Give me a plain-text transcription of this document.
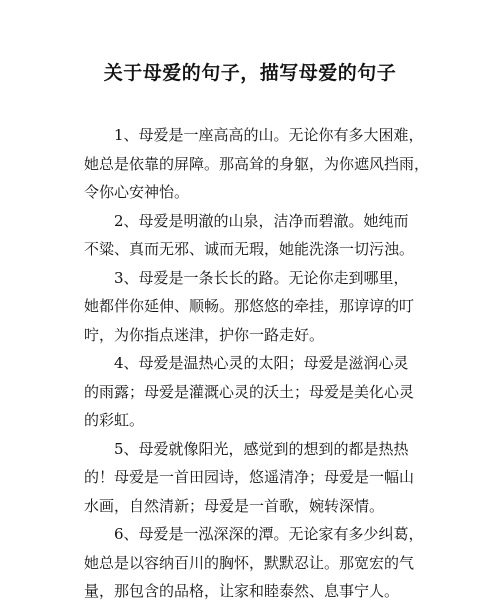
关于母爱的句子，描写母爱的句子
1、母爱是一座高高的山。无论你有多大困难，
她总是依靠的屏障。那高耸的身躯，为你遮风挡雨，
令你心安神怡。
2、母爱是明澈的山泉，洁净而碧澈。她纯而
不粱、真而无邪、诚而无瑕，她能洗涤一切污浊。
3、母爱是一条长长的路。无论你走到哪里，
她都伴你延伸、顺畅。那悠悠的牵挂，那谆谆的叮
咛，为你指点迷津，护你一路走好。
4、母爱是温热心灵的太阳；母爱是滋润心灵
的雨露；母爱是灌溉心灵的沃土；母爱是美化心灵
的彩虹。
5、母爱就像阳光，感觉到的想到的都是热热
的！母爱是一首田园诗，悠遥清净；母爱是一幅山
水画，自然清新；母爱是一首歌，婉转深情。
6、母爱是一泓深深的潭。无论家有多少纠葛，
她总是以容纳百川的胸怀，默默忍让。那宽宏的气
量，那包含的品格，让家和睦泰然、息事宁人。
